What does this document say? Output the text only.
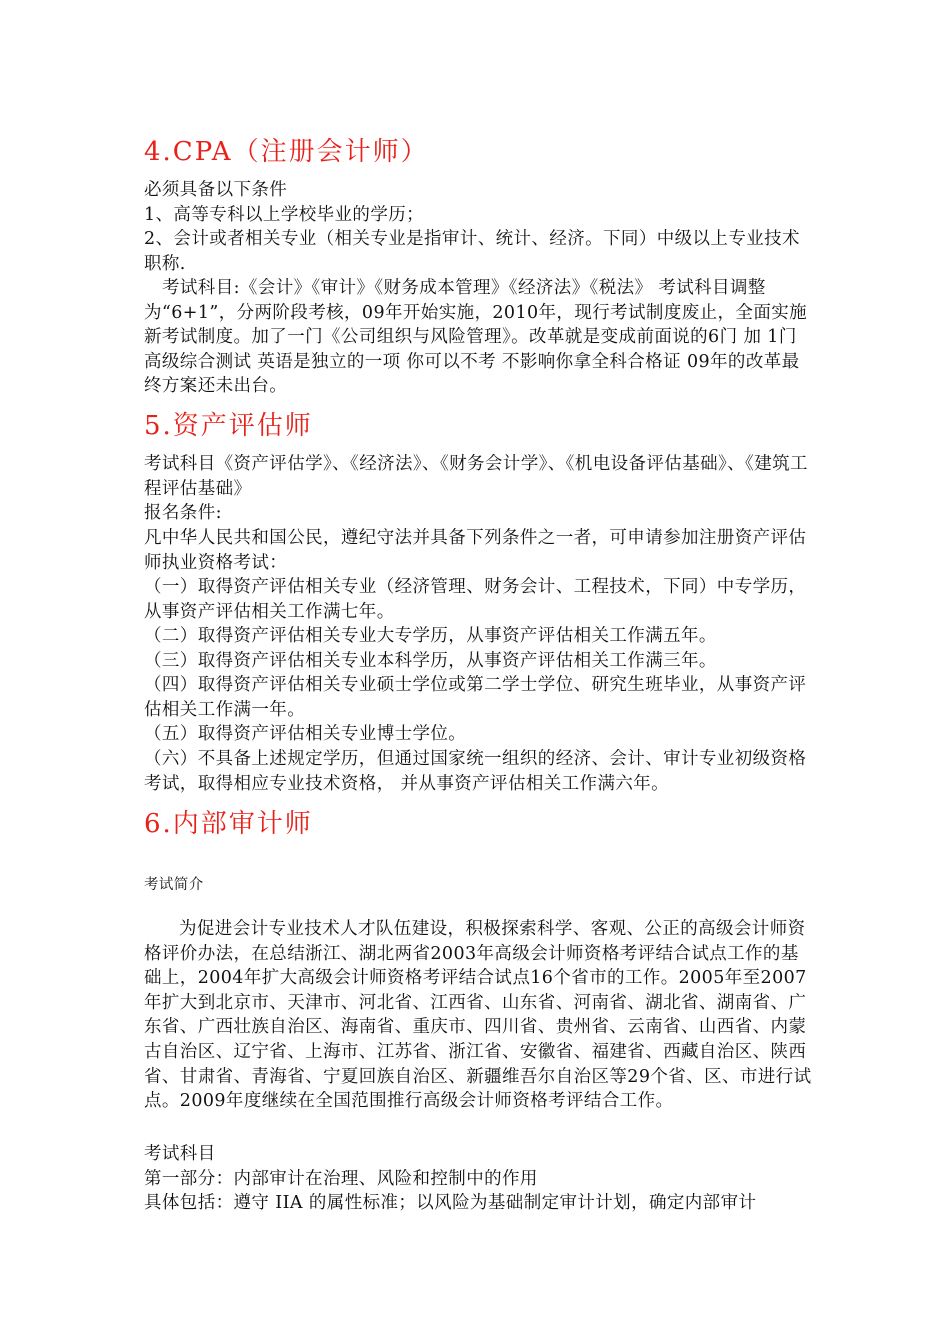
4.CPA（注册会计师）

必须具备以下条件

1、高等专科以上学校毕业的学历；

2、会计或者相关专业（相关专业是指审计、统计、经济。下同）中级以上专业技术职称.

考试科目:《会计》《审计》《财务成本管理》《经济法》《税法》 考试科目调整为“6+1”，分两阶段考核，09年开始实施，2010年，现行考试制度废止，全面实施新考试制度。加了一门《公司组织与风险管理》。改革就是变成前面说的6门 加 1门高级综合测试 英语是独立的一项 你可以不考 不影响你拿全科合格证 09年的改革最终方案还未出台。

5.资产评估师

考试科目《资产评估学》、《经济法》、《财务会计学》、《机电设备评估基础》、《建筑工程评估基础》

报名条件:

凡中华人民共和国公民，遵纪守法并具备下列条件之一者，可申请参加注册资产评估师执业资格考试：

（一）取得资产评估相关专业（经济管理、财务会计、工程技术，下同）中专学历，从事资产评估相关工作满七年。

（二）取得资产评估相关专业大专学历，从事资产评估相关工作满五年。

（三）取得资产评估相关专业本科学历，从事资产评估相关工作满三年。

（四）取得资产评估相关专业硕士学位或第二学士学位、研究生班毕业，从事资产评估相关工作满一年。

（五）取得资产评估相关专业博士学位。

（六）不具备上述规定学历，但通过国家统一组织的经济、会计、审计专业初级资格考试，取得相应专业技术资格， 并从事资产评估相关工作满六年。

6.内部审计师

考试简介

为促进会计专业技术人才队伍建设，积极探索科学、客观、公正的高级会计师资格评价办法，在总结浙江、湖北两省2003年高级会计师资格考评结合试点工作的基础上，2004年扩大高级会计师资格考评结合试点16个省市的工作。2005年至2007年扩大到北京市、天津市、河北省、江西省、山东省、河南省、湖北省、湖南省、广东省、广西壮族自治区、海南省、重庆市、四川省、贵州省、云南省、山西省、内蒙古自治区、辽宁省、上海市、江苏省、浙江省、安徽省、福建省、西藏自治区、陕西省、甘肃省、青海省、宁夏回族自治区、新疆维吾尔自治区等29个省、区、市进行试点。2009年度继续在全国范围推行高级会计师资格考评结合工作。

考试科目

第一部分：内部审计在治理、风险和控制中的作用

具体包括：遵守 IIA 的属性标准；以风险为基础制定审计计划，确定内部审计
